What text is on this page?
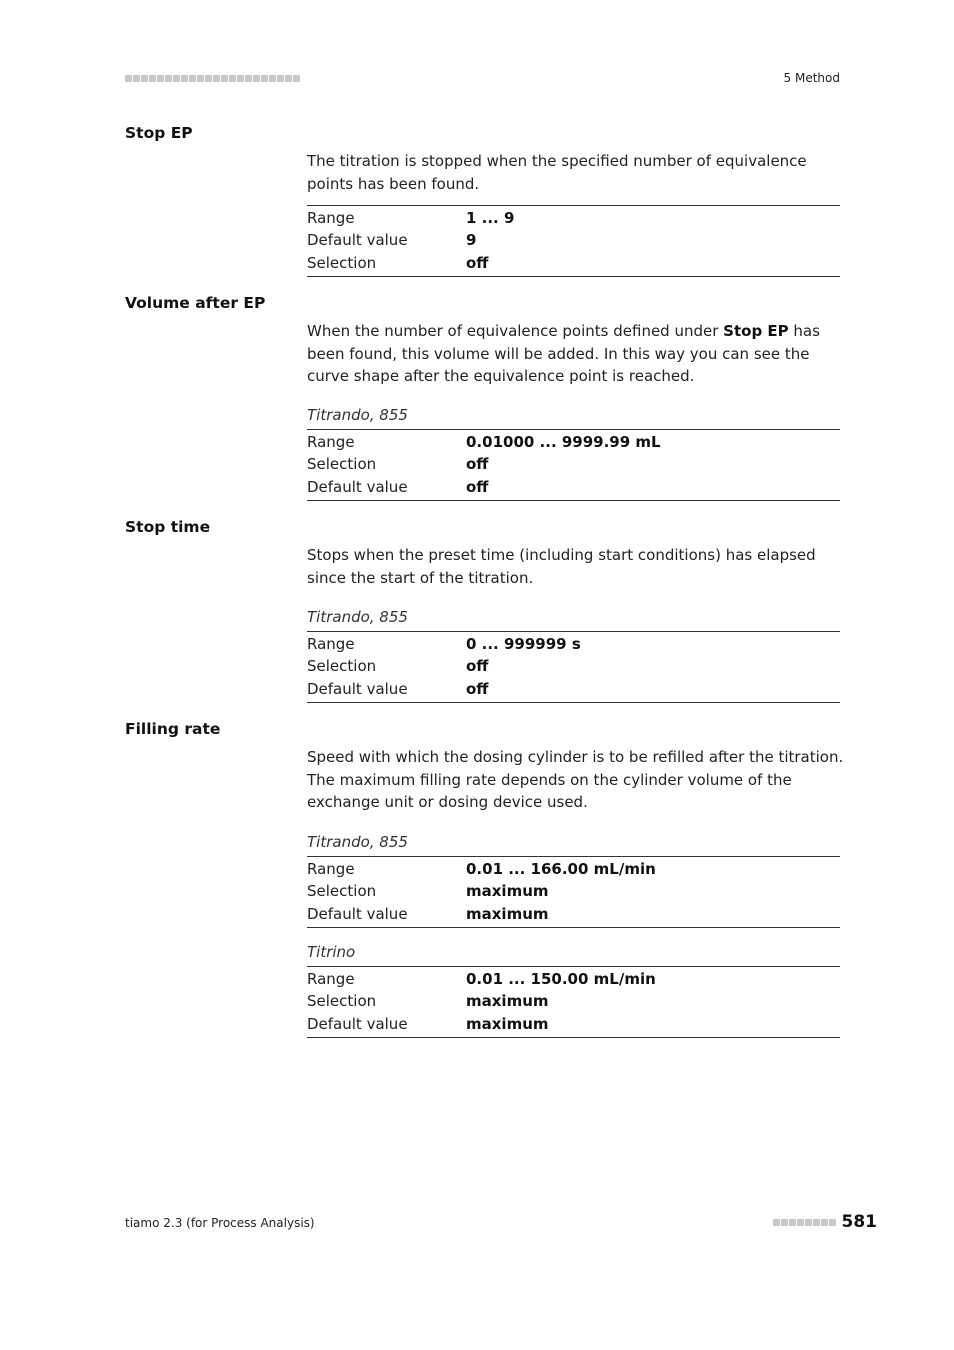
5 Method
Stop EP
The titration is stopped when the specified number of equivalence points has been found.
Range	1 ... 9
Default value	9
Selection	off
Volume after EP
When the number of equivalence points defined under Stop EP has been found, this volume will be added. In this way you can see the curve shape after the equivalence point is reached.
Titrando, 855
Range	0.01000 ... 9999.99 mL
Selection	off
Default value	off
Stop time
Stops when the preset time (including start conditions) has elapsed since the start of the titration.
Titrando, 855
Range	0 ... 999999 s
Selection	off
Default value	off
Filling rate
Speed with which the dosing cylinder is to be refilled after the titration. The maximum filling rate depends on the cylinder volume of the exchange unit or dosing device used.
Titrando, 855
Range	0.01 ... 166.00 mL/min
Selection	maximum
Default value	maximum
Titrino
Range	0.01 ... 150.00 mL/min
Selection	maximum
Default value	maximum
tiamo 2.3 (for Process Analysis)	581
